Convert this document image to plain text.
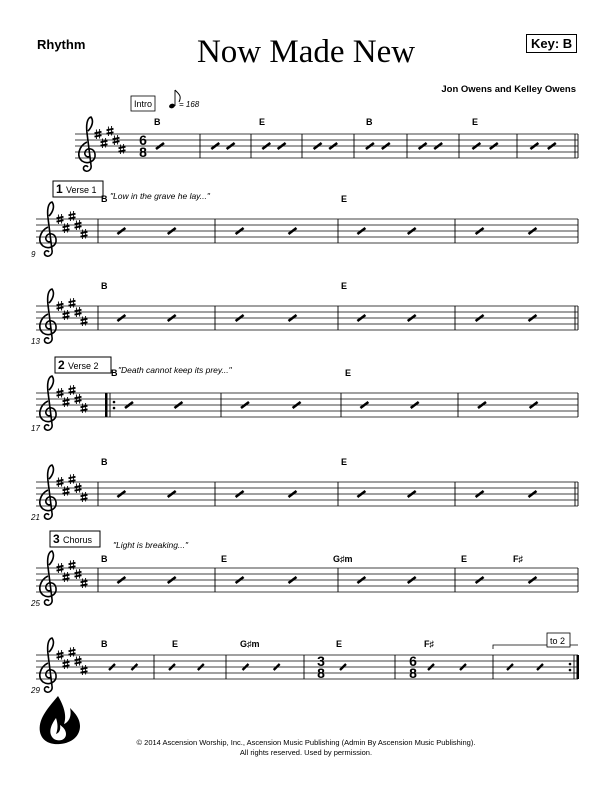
Rhythm	Now Made New	Key: B
Jon Owens and Kelley Owens
6
8
Intro	= 168
B	E	B	E
1 Verse 1
"Low in the grave he lay..."
B	E
9
B	E
13
2 Verse 2 "Death cannot keep its prey..."
B	E
17
B	E
21
3 Chorus "Light is breaking..."
B	E	G♯m	E	F♯
25
3
8
6
8
to 2
B	E	G♯m	E	F♯
29
© 2014 Ascension Worship, Inc., Ascension Music Publishing (Admin By Ascension Music Publishing).
All rights reserved. Used by permission.
